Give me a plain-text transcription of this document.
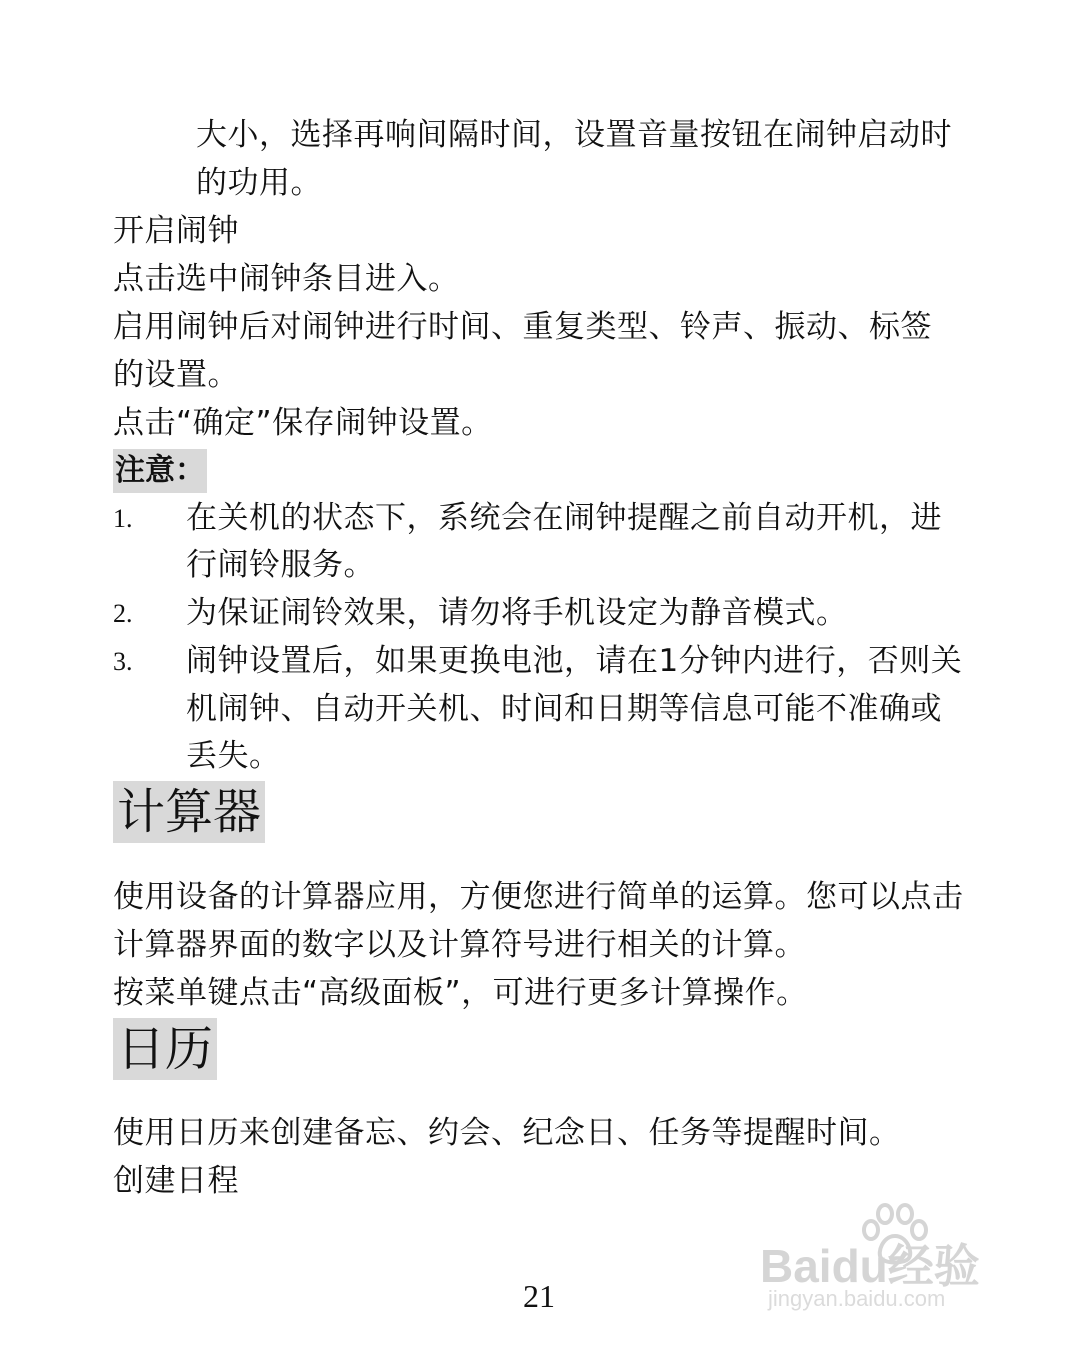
大小，选择再响间隔时间，设置音量按钮在闹钟启动时
的功用。
开启闹钟
点击选中闹钟条目进入。
启用闹钟后对闹钟进行时间、重复类型、铃声、振动、标签
的设置。
点击“确定”保存闹钟设置。
注意：
1. 在关机的状态下，系统会在闹钟提醒之前自动开机，进
行闹铃服务。
2. 为保证闹铃效果，请勿将手机设定为静音模式。
3. 闹钟设置后，如果更换电池，请在1分钟内进行，否则关
机闹钟、自动开关机、时间和日期等信息可能不准确或
丢失。
计算器
使用设备的计算器应用，方便您进行简单的运算。您可以点击
计算器界面的数字以及计算符号进行相关的计算。
按菜单键点击“高级面板”，可进行更多计算操作。
日历
使用日历来创建备忘、约会、纪念日、任务等提醒时间。
创建日程
21
Baidu经验
jingyan.baidu.com
